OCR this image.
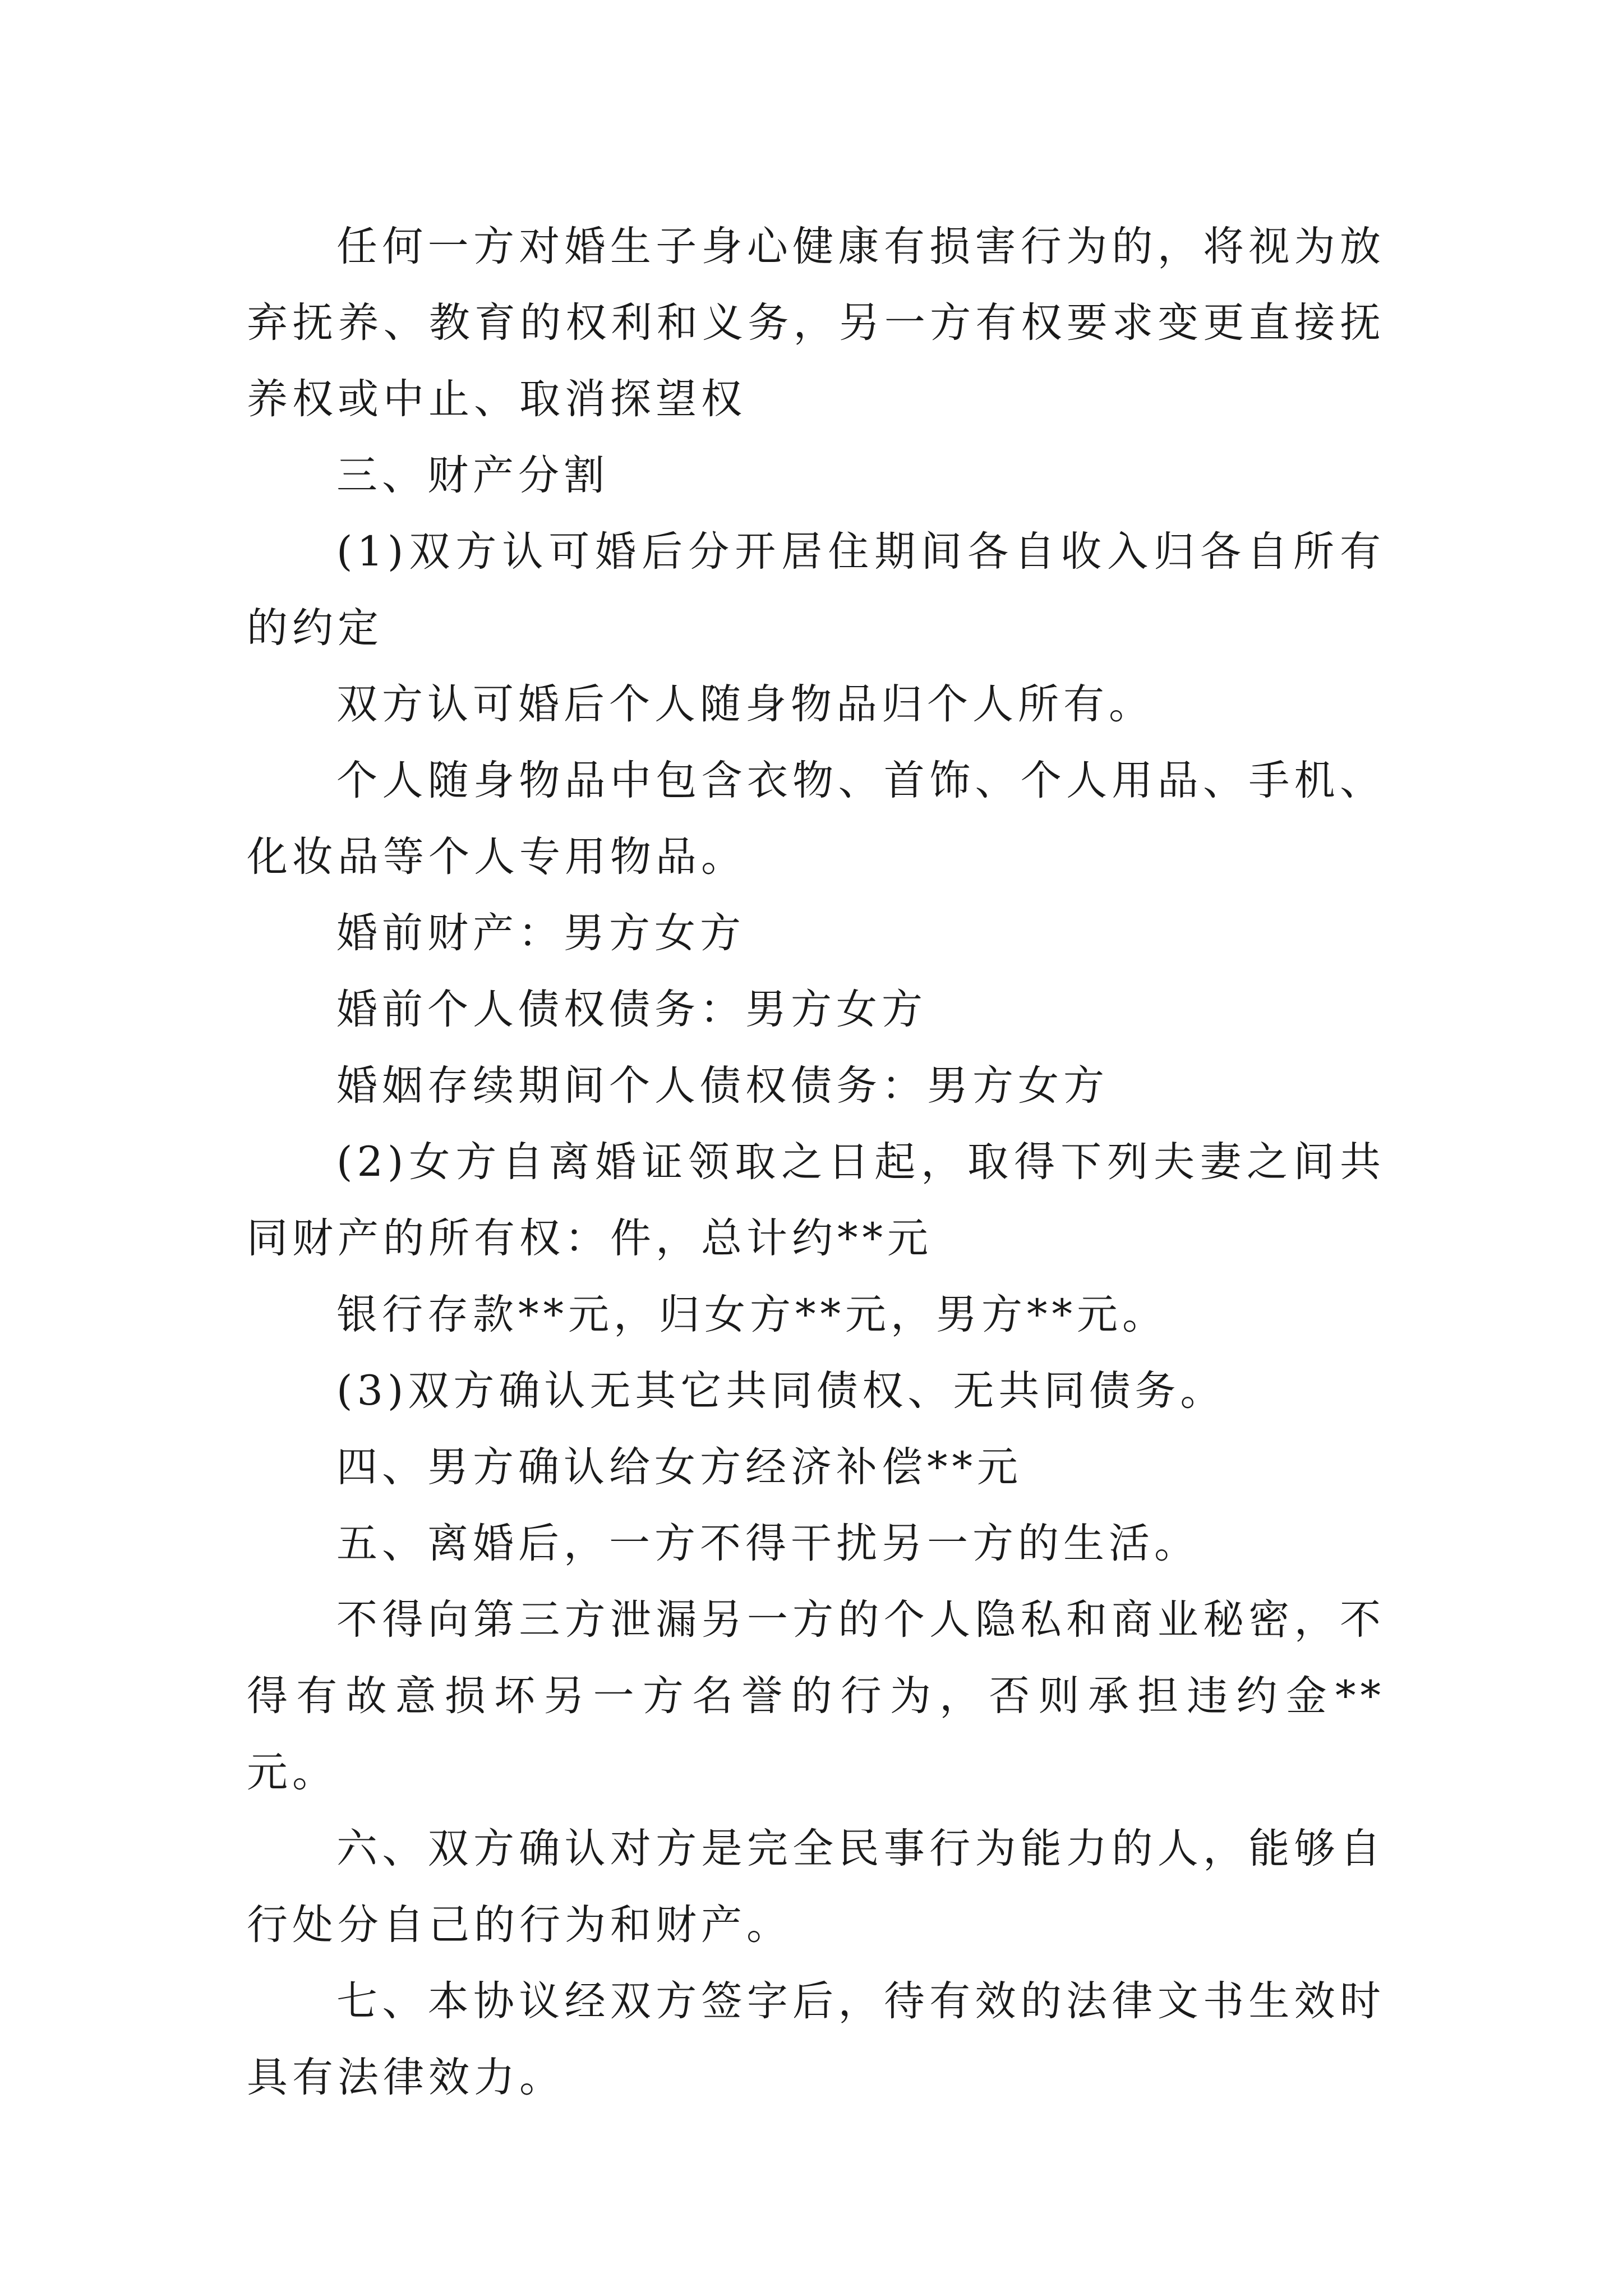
任何一方对婚生子身心健康有损害行为的，将视为放弃抚养、教育的权利和义务，另一方有权要求变更直接抚养权或中止、取消探望权

三、财产分割

(1)双方认可婚后分开居住期间各自收入归各自所有的约定

双方认可婚后个人随身物品归个人所有。

个人随身物品中包含衣物、首饰、个人用品、手机、化妆品等个人专用物品。

婚前财产：男方女方

婚前个人债权债务：男方女方

婚姻存续期间个人债权债务：男方女方

(2)女方自离婚证领取之日起，取得下列夫妻之间共同财产的所有权：件，总计约**元

银行存款**元，归女方**元，男方**元。

(3)双方确认无其它共同债权、无共同债务。

四、男方确认给女方经济补偿**元

五、离婚后，一方不得干扰另一方的生活。

不得向第三方泄漏另一方的个人隐私和商业秘密，不得有故意损坏另一方名誉的行为，否则承担违约金**元。

六、双方确认对方是完全民事行为能力的人，能够自行处分自己的行为和财产。

七、本协议经双方签字后，待有效的法律文书生效时具有法律效力。
